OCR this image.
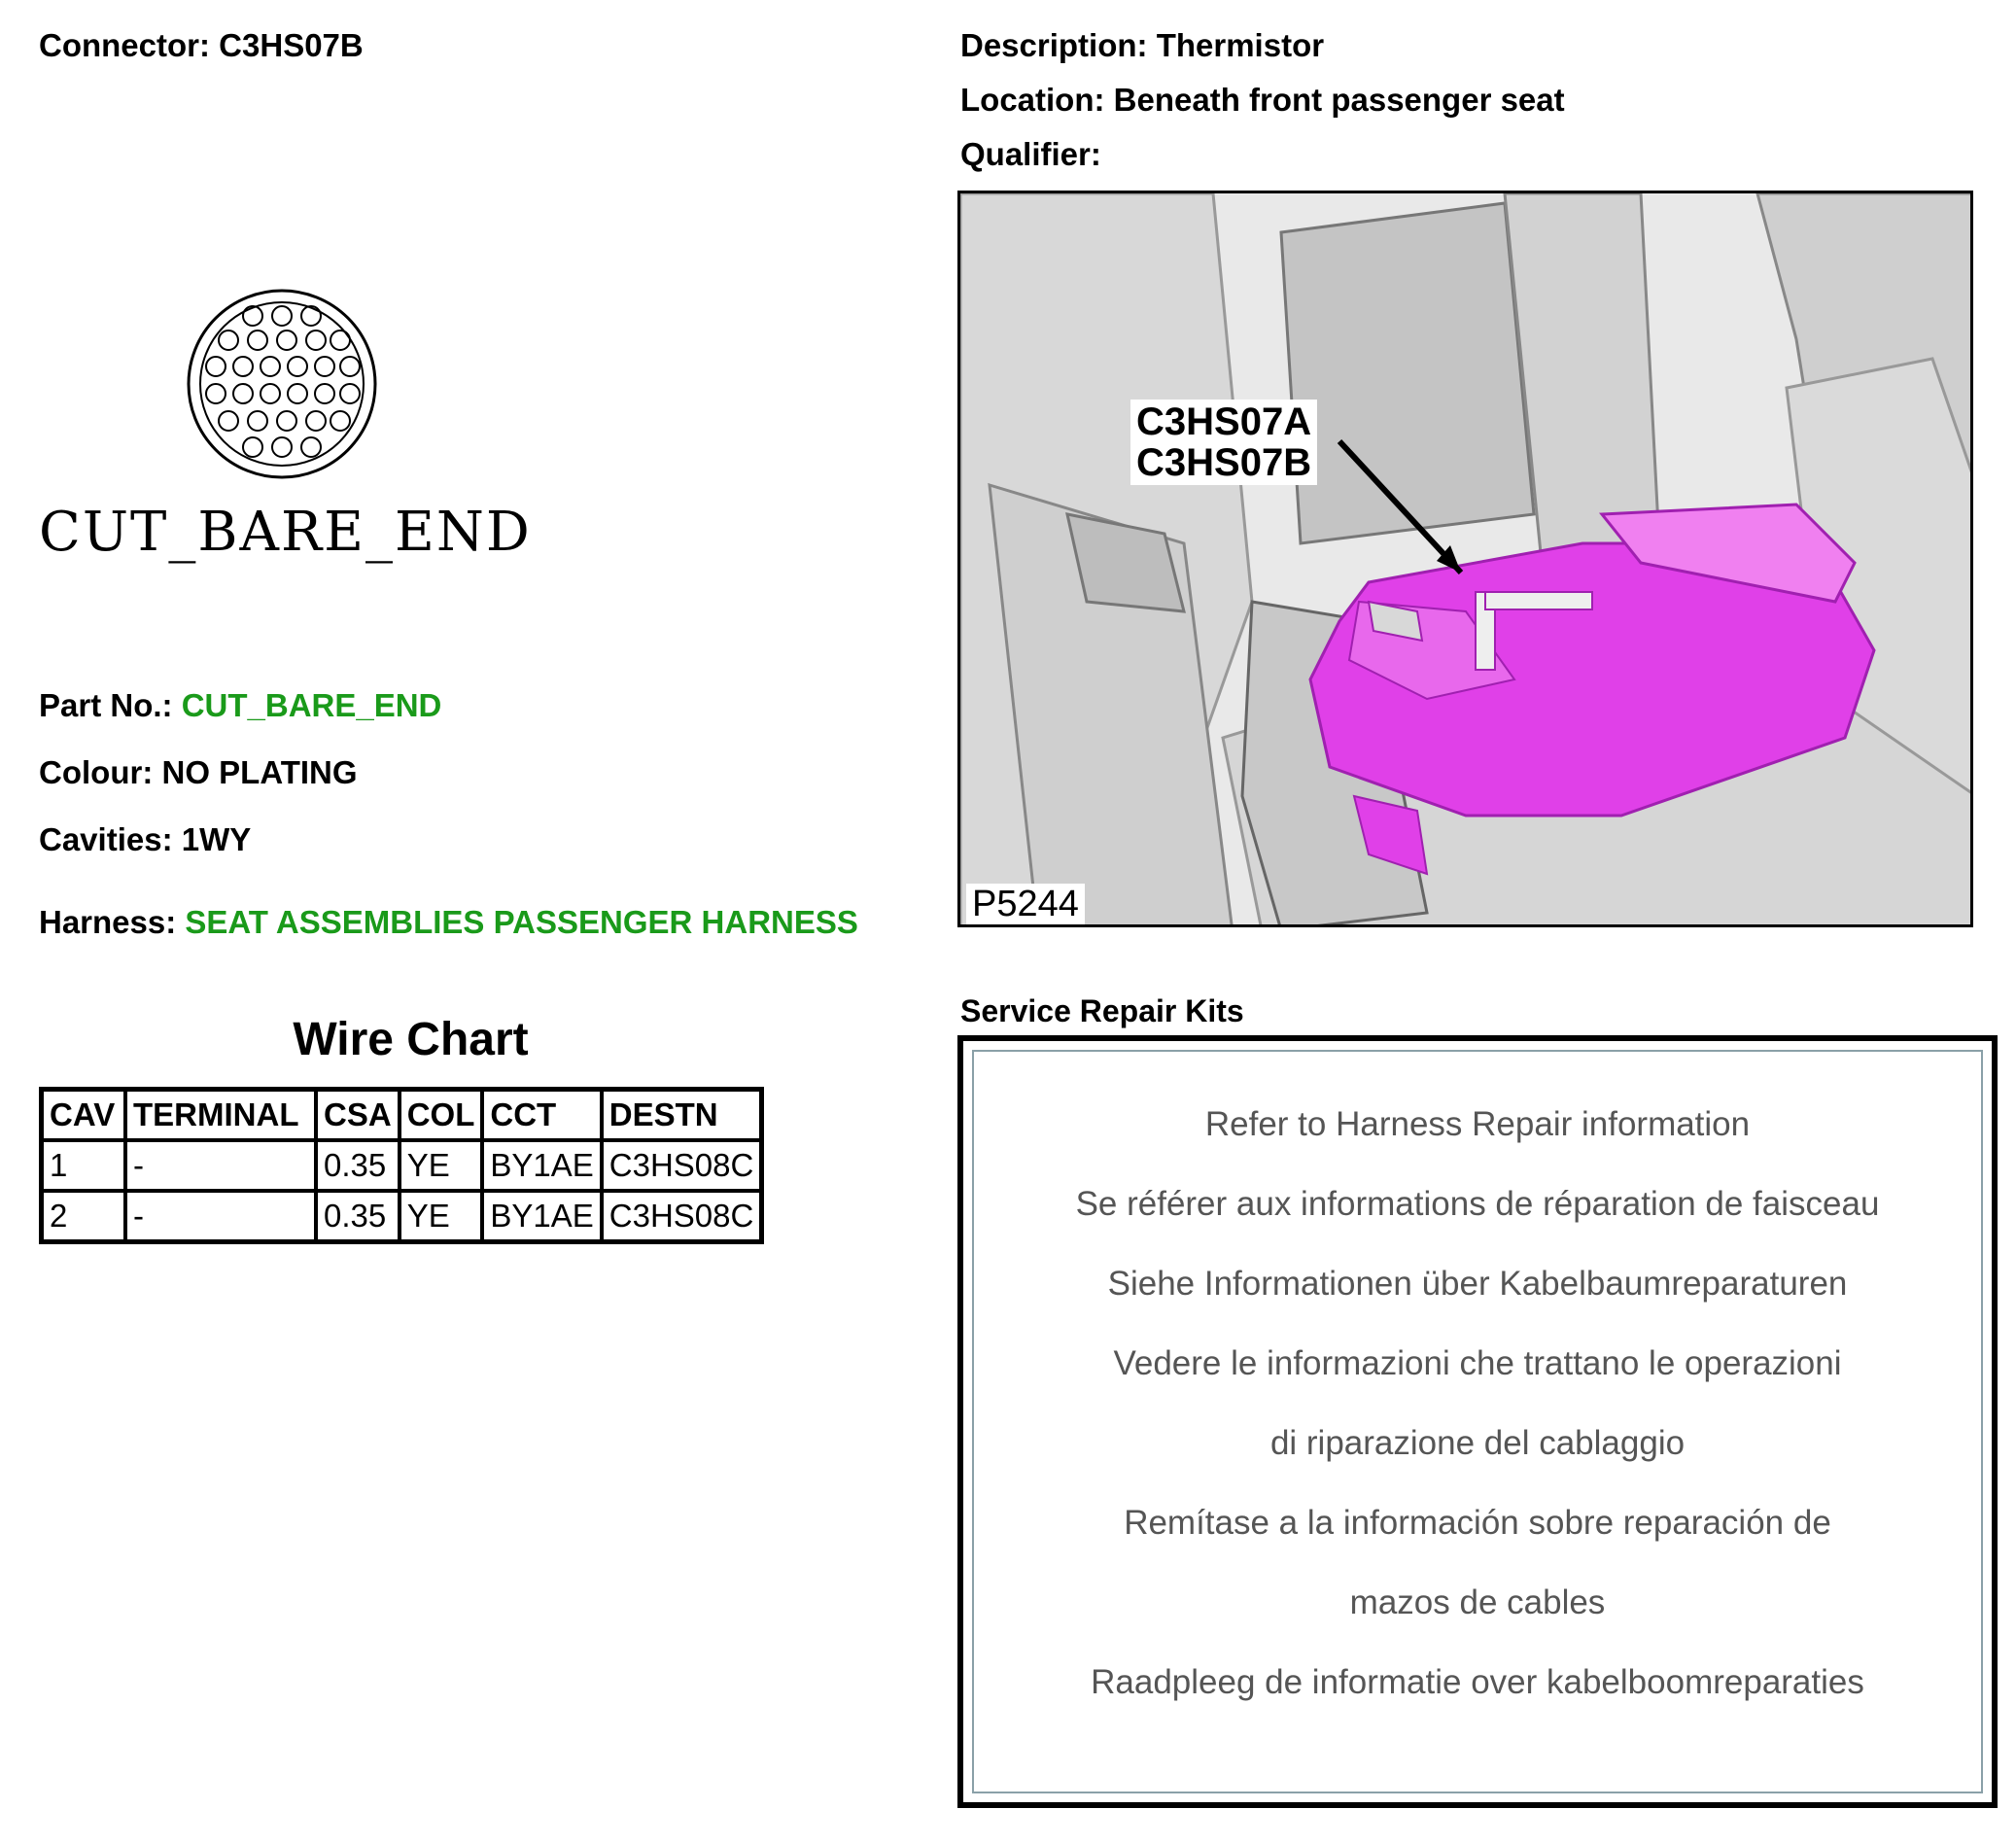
Connector: C3HS07B	Description: Thermistor
Location: Beneath front passenger seat
Qualifier:
CUT_BARE_END
Part No.: CUT_BARE_END
Colour: NO PLATING
Cavities: 1WY
Harness: SEAT ASSEMBLIES PASSENGER HARNESS
Wire Chart
CAV	TERMINAL	CSA	COL	CCT	DESTN
1	-	0.35	YE	BY1AE	C3HS08C
2	-	0.35	YE	BY1AE	C3HS08C
C3HS07A
C3HS07B
P5244
Service Repair Kits
Refer to Harness Repair information
Se référer aux informations de réparation de faisceau
Siehe Informationen über Kabelbaumreparaturen
Vedere le informazioni che trattano le operazioni
di riparazione del cablaggio
Remítase a la información sobre reparación de
mazos de cables
Raadpleeg de informatie over kabelboomreparaties
